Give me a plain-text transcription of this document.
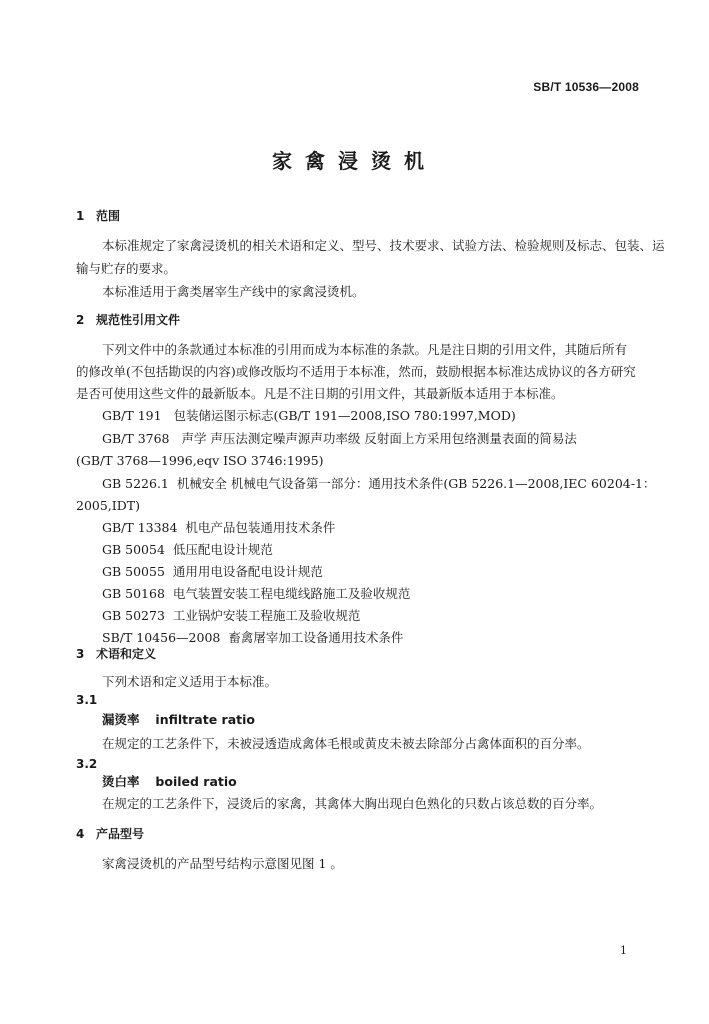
SB/T 10536—2008
家禽浸烫机
1 范围
本标准规定了家禽浸烫机的相关术语和定义、型号、技术要求、试验方法、检验规则及标志、包装、运
输与贮存的要求。
本标准适用于禽类屠宰生产线中的家禽浸烫机。
2 规范性引用文件
下列文件中的条款通过本标准的引用而成为本标准的条款。凡是注日期的引用文件，其随后所有
的修改单(不包括勘误的内容)或修改版均不适用于本标准，然而，鼓励根据本标准达成协议的各方研究
是否可使用这些文件的最新版本。凡是不注日期的引用文件，其最新版本适用于本标准。
GB/T 191 包装储运图示标志(GB/T 191—2008,ISO 780:1997,MOD)
GB/T 3768 声学 声压法测定噪声源声功率级 反射面上方采用包络测量表面的简易法
(GB/T 3768—1996,eqv ISO 3746:1995)
GB 5226.1 机械安全 机械电气设备第一部分：通用技术条件(GB 5226.1—2008,IEC 60204-1：
2005,IDT)
GB/T 13384 机电产品包装通用技术条件
GB 50054 低压配电设计规范
GB 50055 通用用电设备配电设计规范
GB 50168 电气装置安装工程电缆线路施工及验收规范
GB 50273 工业锅炉安装工程施工及验收规范
SB/T 10456—2008 畜禽屠宰加工设备通用技术条件
3 术语和定义
下列术语和定义适用于本标准。
3.1
漏烫率 infiltrate ratio
在规定的工艺条件下，未被浸透造成禽体毛根或黄皮未被去除部分占禽体面积的百分率。
3.2
烫白率 boiled ratio
在规定的工艺条件下，浸烫后的家禽，其禽体大胸出现白色熟化的只数占该总数的百分率。
4 产品型号
家禽浸烫机的产品型号结构示意图见图 1 。
1
